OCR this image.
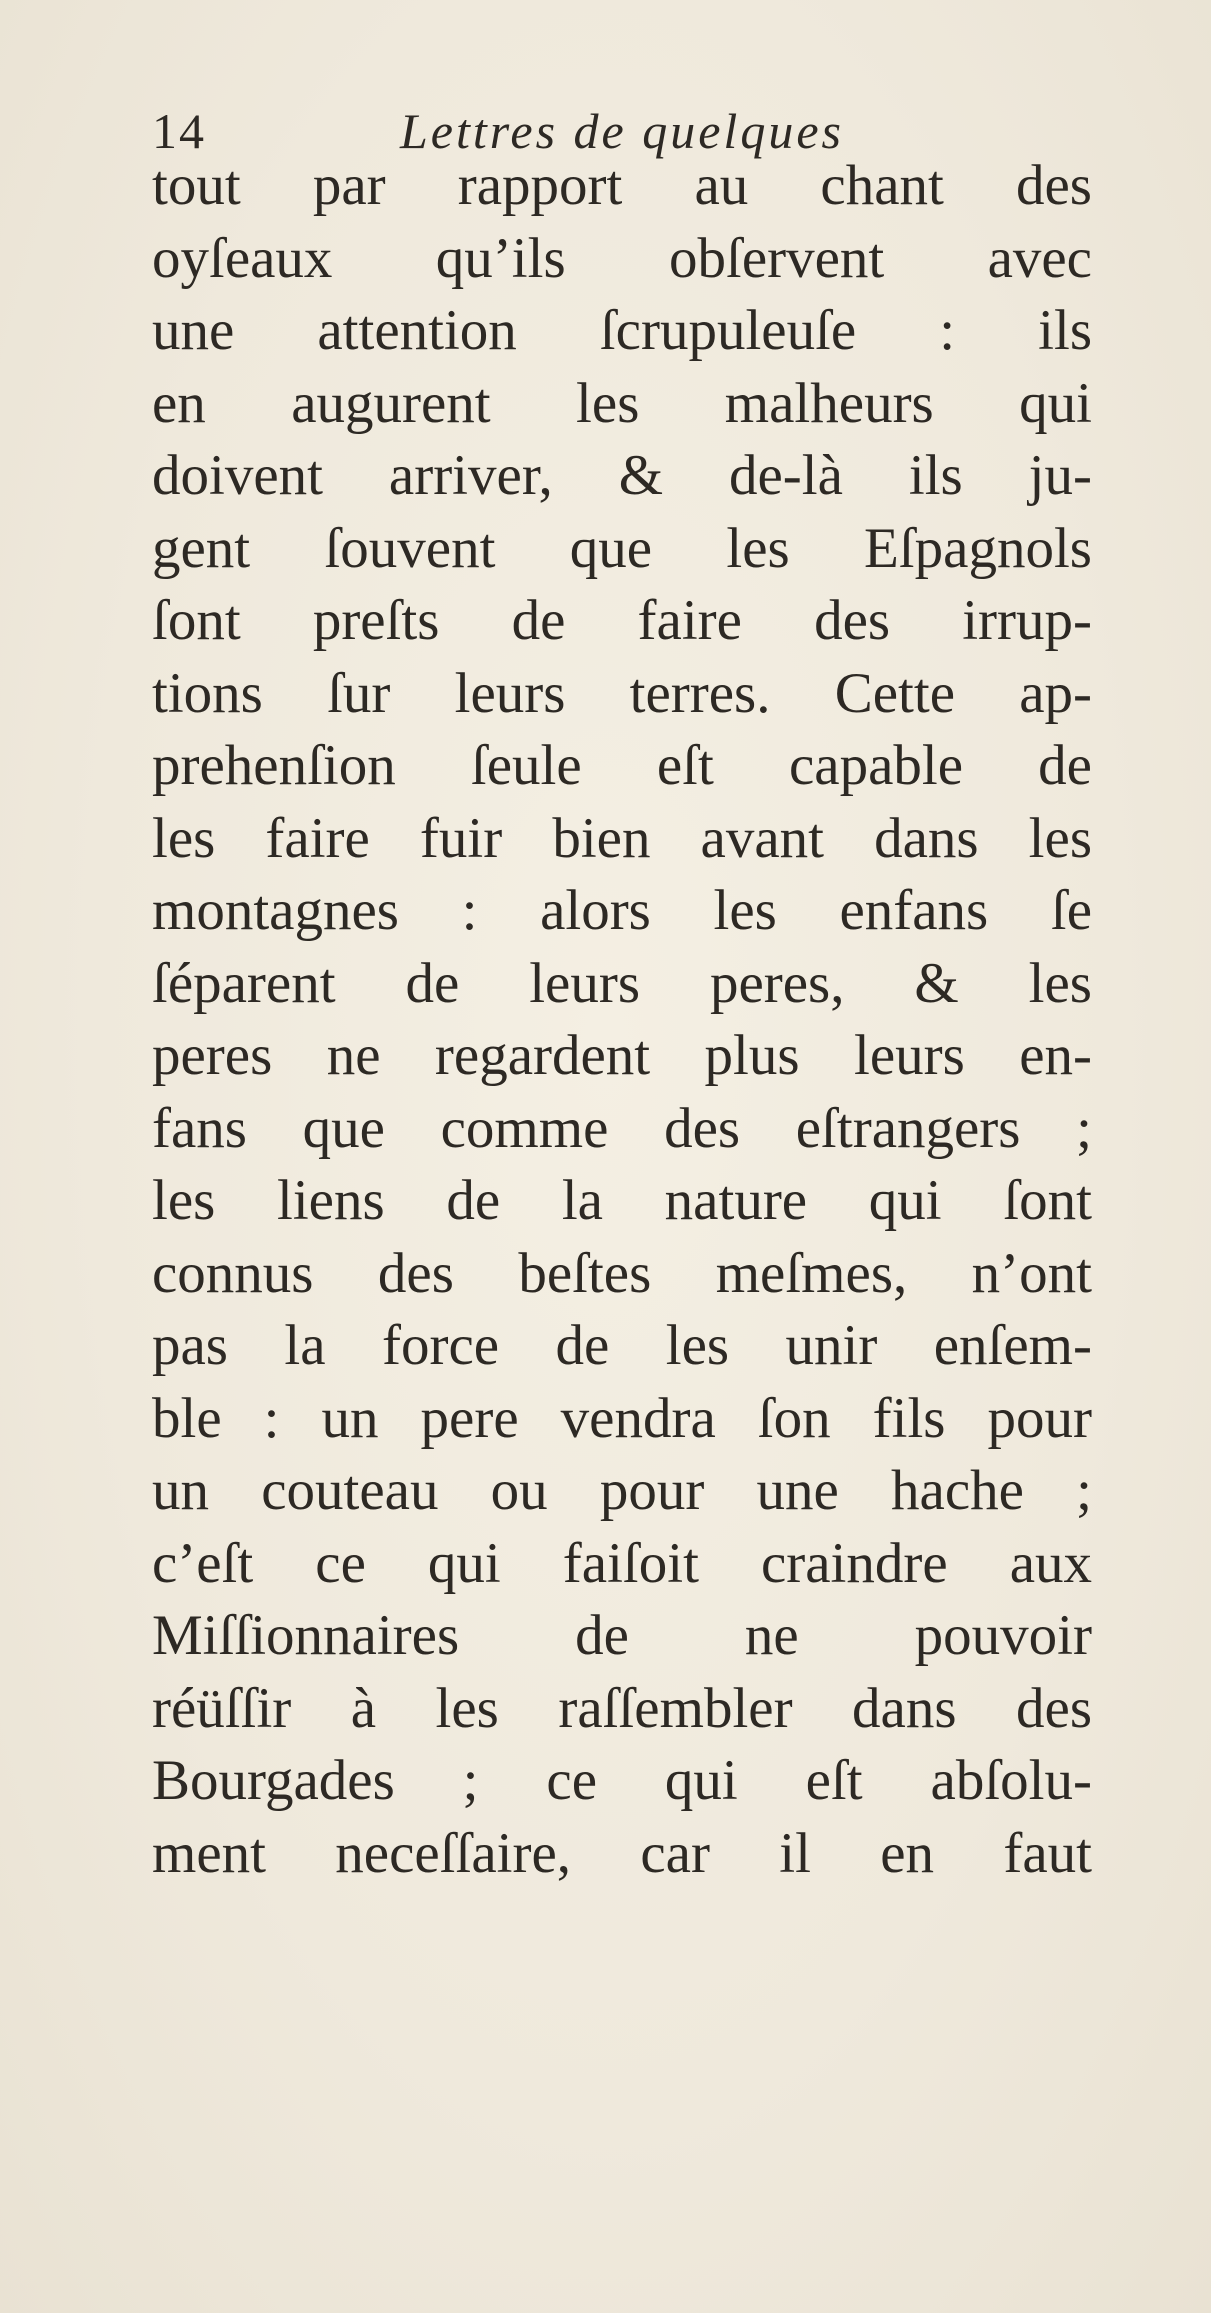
14	Lettres de quelques
tout par rapport au chant des
oyſeaux qu’ils obſervent avec
une attention ſcrupuleuſe : ils
en augurent les malheurs qui
doivent arriver, & de-là ils ju-
gent ſouvent que les Eſpagnols
ſont preſts de faire des irrup-
tions ſur leurs terres. Cette ap-
prehenſion ſeule eſt capable de
les faire fuir bien avant dans les
montagnes : alors les enfans ſe
ſéparent de leurs peres, & les
peres ne regardent plus leurs en-
fans que comme des eſtrangers ;
les liens de la nature qui ſont
connus des beſtes meſmes, n’ont
pas la force de les unir enſem-
ble : un pere vendra ſon fils pour
un couteau ou pour une hache ;
c’eſt ce qui faiſoit craindre aux
Miſſionnaires de ne pouvoir
réüſſir à les raſſembler dans des
Bourgades ; ce qui eſt abſolu-
ment neceſſaire, car il en faut
